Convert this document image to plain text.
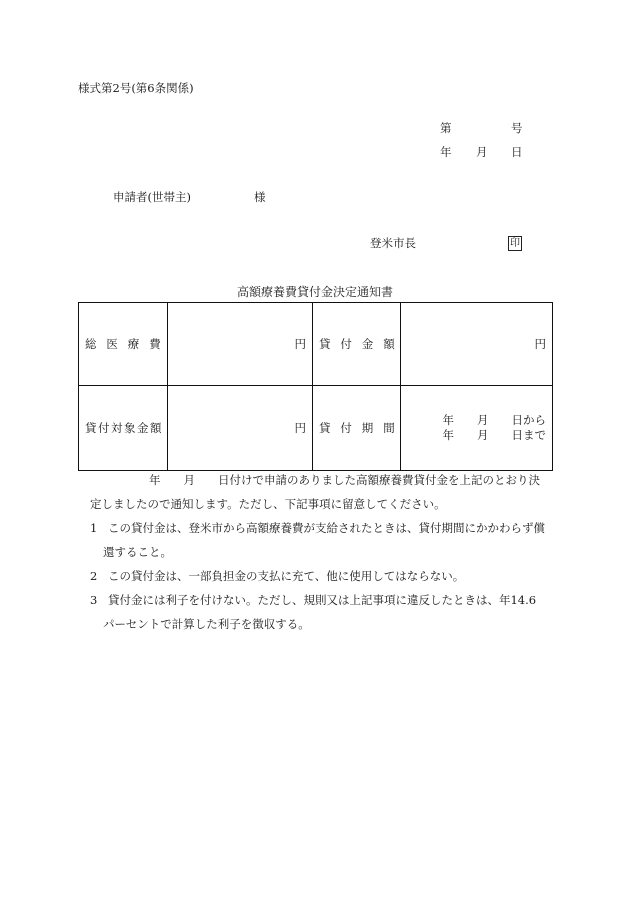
様式第2号(第6条関係)
第	号
年 月 日
申請者(世帯主)	様
登米市長	印
高額療養費貸付金決定通知書
総　医　療　費	円	貸　付　金　額	円
貸付対象金額	円	貸　付　期　間	年　　月　　日から
年　　月　　日まで
年　　月　　日付けで申請のありました高額療養費貸付金を上記のとおり決
定しましたので通知します。ただし、下記事項に留意してください。
1 この貸付金は、登米市から高額療養費が支給されたときは、貸付期間にかかわらず償
還すること。
2 この貸付金は、一部負担金の支払に充て、他に使用してはならない。
3 貸付金には利子を付けない。ただし、規則又は上記事項に違反したときは、年14.6
パーセントで計算した利子を徴収する。
